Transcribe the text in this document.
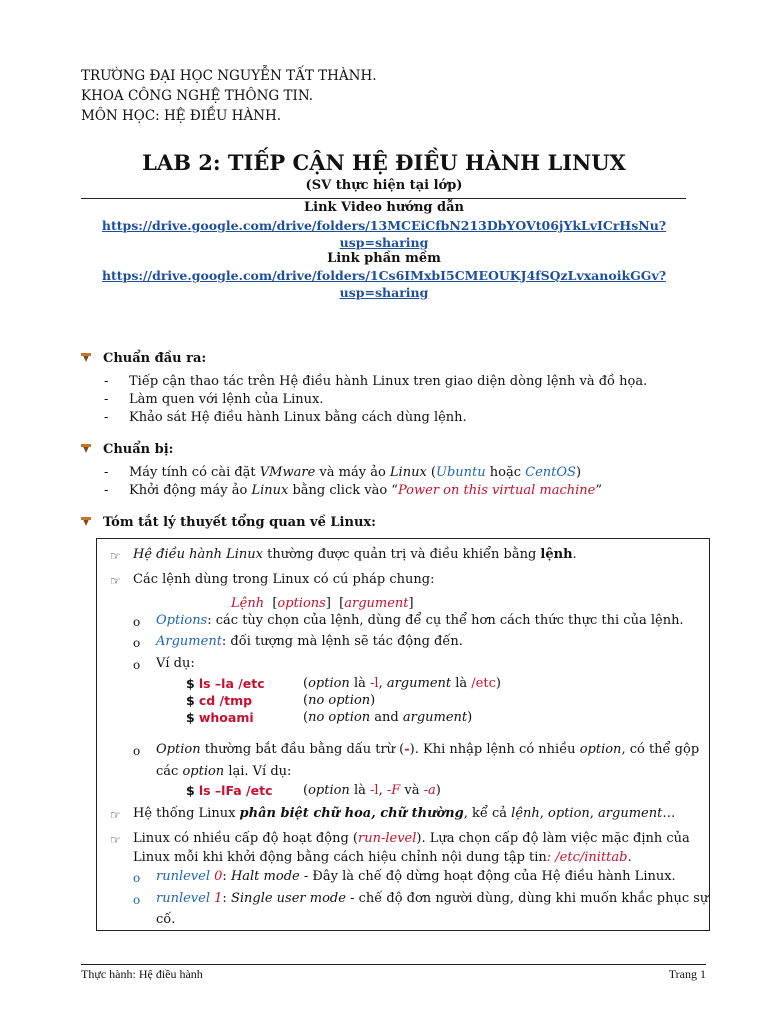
TRƯỜNG ĐẠI HỌC NGUYỄN TẤT THÀNH.
KHOA CÔNG NGHỆ THÔNG TIN.
MÔN HỌC: HỆ ĐIỀU HÀNH.
LAB 2: TIẾP CẬN HỆ ĐIỀU HÀNH LINUX
(SV thực hiện tại lớp)
Link Video hướng dẫn
https://drive.google.com/drive/folders/13MCEiCfbN213DbYOVt06jYkLvICrHsNu?
usp=sharing
Link phần mềm
https://drive.google.com/drive/folders/1Cs6IMxbI5CMEOUKJ4fSQzLvxanoikGGv?
usp=sharing
Chuẩn đầu ra:
- Tiếp cận thao tác trên Hệ điều hành Linux tren giao diện dòng lệnh và đồ họa.
- Làm quen với lệnh của Linux.
- Khảo sát Hệ điều hành Linux bằng cách dùng lệnh.
Chuẩn bị:
- Máy tính có cài đặt VMware và máy ảo Linux (Ubuntu hoặc CentOS)
- Khởi động máy ảo Linux bằng click vào “Power on this virtual machine”
Tóm tắt lý thuyết tổng quan về Linux:
☞ Hệ điều hành Linux thường được quản trị và điều khiển bằng lệnh.
☞ Các lệnh dùng trong Linux có cú pháp chung:
Lệnh  [options]  [argument]
o Options: các tùy chọn của lệnh, dùng để cụ thể hơn cách thức thực thi của lệnh.
o Argument: đối tượng mà lệnh sẽ tác động đến.
o Ví dụ:
$ ls –la /etc	(option là -l, argument là /etc)
$ cd /tmp	(no option)
$ whoami	(no option and argument)
o Option thường bắt đầu bằng dấu trừ (-). Khi nhập lệnh có nhiều option, có thể gộp
các option lại. Ví dụ:
$ ls –lFa /etc (option là -l, -F và -a)
☞ Hệ thống Linux phân biệt chữ hoa, chữ thường, kể cả lệnh, option, argument…
☞ Linux có nhiều cấp độ hoạt động (run-level). Lựa chọn cấp độ làm việc mặc định của
Linux mỗi khi khởi động bằng cách hiệu chỉnh nội dung tập tin: /etc/inittab.
o runlevel 0: Halt mode - Đây là chế độ dừng hoạt động của Hệ điều hành Linux.
o runlevel 1: Single user mode - chế độ đơn người dùng, dùng khi muốn khắc phục sự
cố.
Thực hành: Hệ điều hành	Trang 1
